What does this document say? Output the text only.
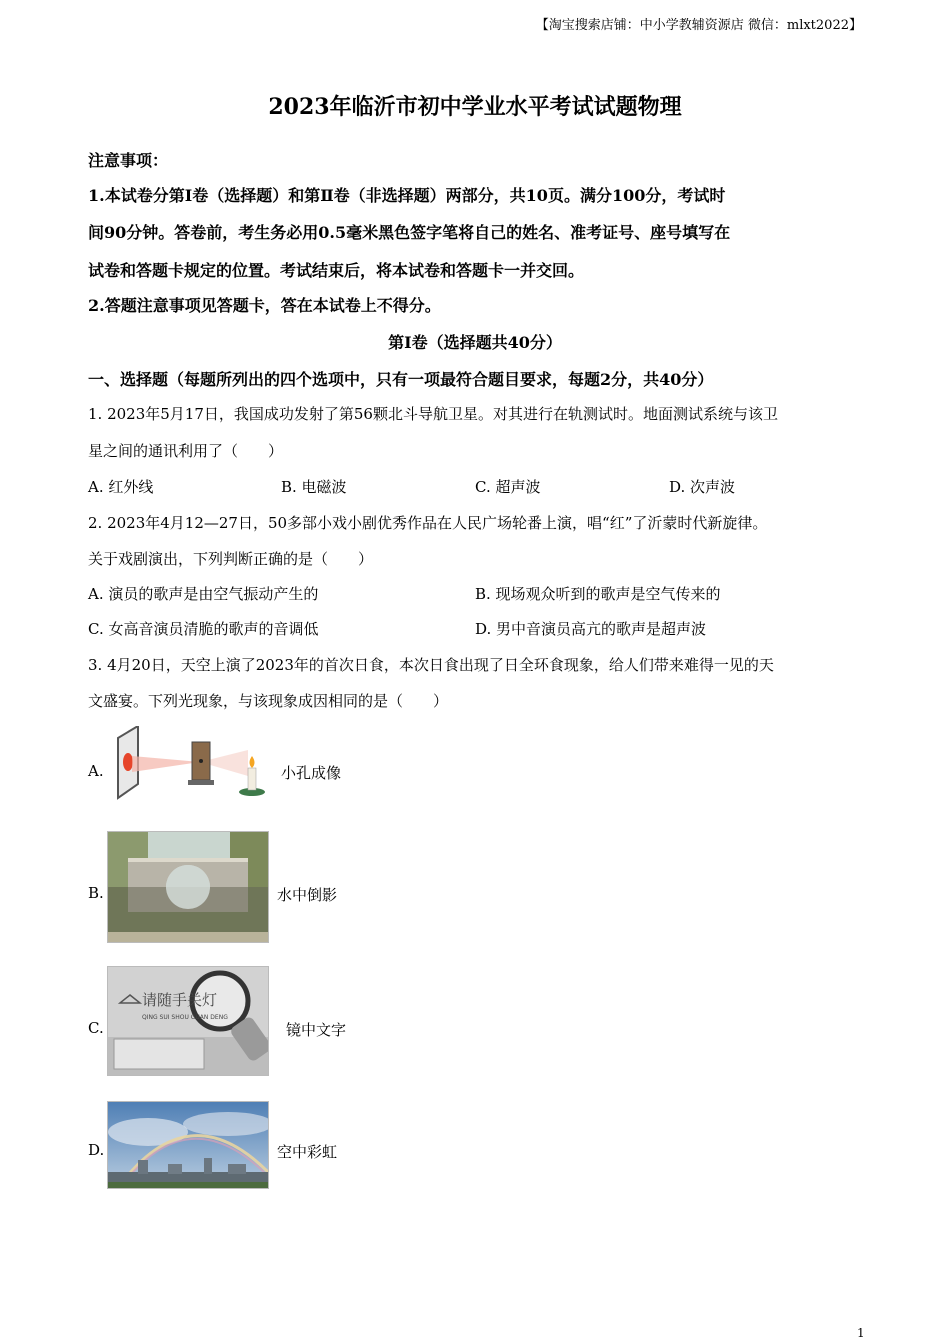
【淘宝搜索店铺：中小学教辅资源店 微信：mlxt2022】
2023年临沂市初中学业水平考试试题物理
注意事项：
1.本试卷分第Ⅰ卷（选择题）和第Ⅱ卷（非选择题）两部分，共10页。满分100分，考试时
间90分钟。答卷前，考生务必用0.5毫米黑色签字笔将自己的姓名、准考证号、座号填写在
试卷和答题卡规定的位置。考试结束后，将本试卷和答题卡一并交回。
2.答题注意事项见答题卡，答在本试卷上不得分。
第Ⅰ卷（选择题共40分）
一、选择题（每题所列出的四个选项中，只有一项最符合题目要求，每题2分，共40分）
1. 2023年5月17日，我国成功发射了第56颗北斗导航卫星。对其进行在轨测试时。地面测试系统与该卫
星之间的通讯利用了（　　）
A. 红外线	B. 电磁波	C. 超声波	D. 次声波
2. 2023年4月12—27日，50多部小戏小剧优秀作品在人民广场轮番上演，唱“红”了沂蒙时代新旋律。
关于戏剧演出，下列判断正确的是（　　）
A. 演员的歌声是由空气振动产生的	B. 现场观众听到的歌声是空气传来的
C. 女高音演员清脆的歌声的音调低	D. 男中音演员高亢的歌声是超声波
3. 4月20日，天空上演了2023年的首次日食，本次日食出现了日全环食现象，给人们带来难得一见的天
文盛宴。下列光现象，与该现象成因相同的是（　　）
A.	小孔成像
B.	水中倒影
C.
请随手关灯
QING SUI SHOU GUAN DENG
镜中文字
D.	空中彩虹
1
